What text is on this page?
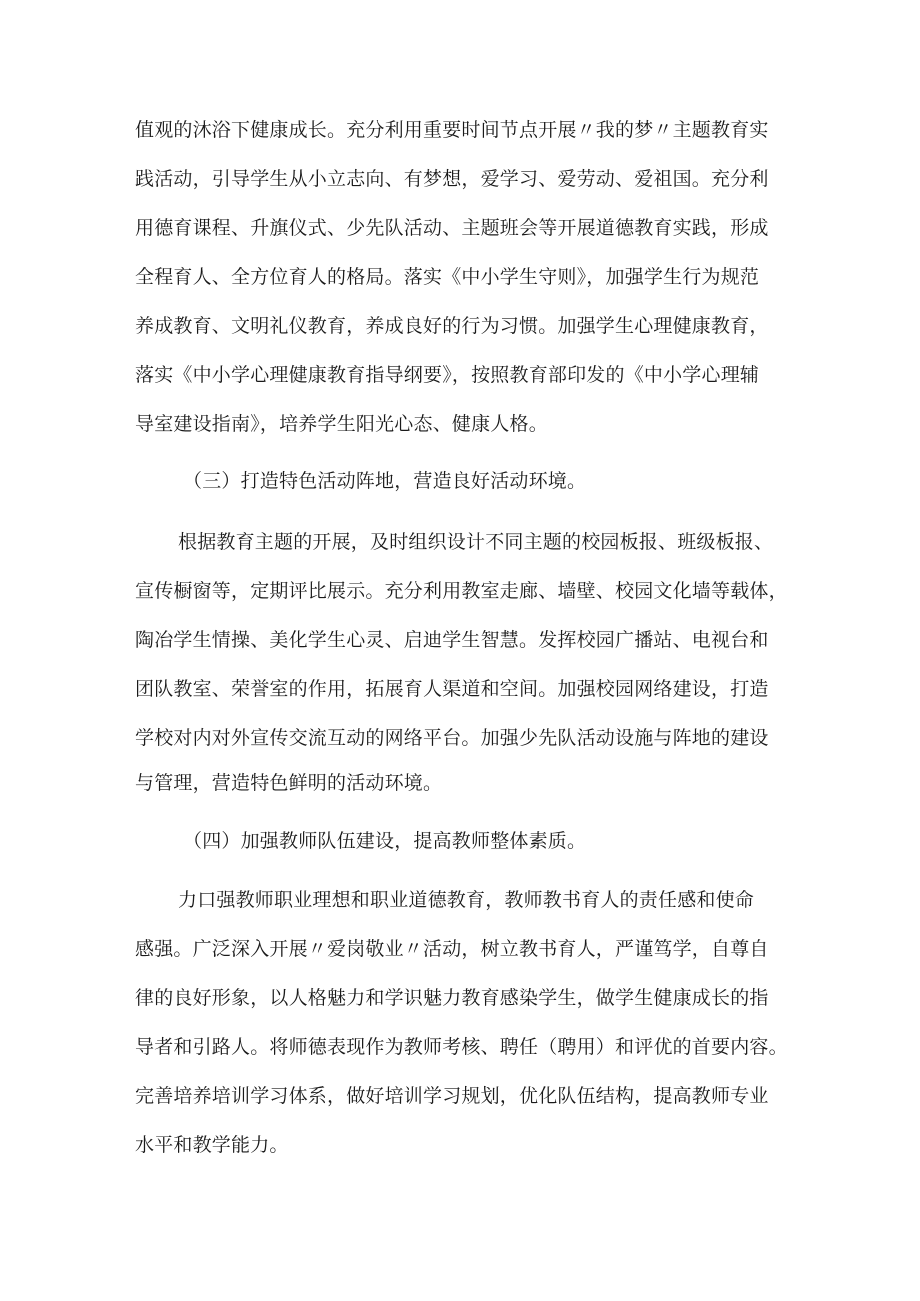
值观的沐浴下健康成长。充分利用重要时间节点开展〃我的梦〃主题教育实
践活动，引导学生从小立志向、有梦想，爱学习、爱劳动、爱祖国。充分利
用德育课程、升旗仪式、少先队活动、主题班会等开展道德教育实践，形成
全程育人、全方位育人的格局。落实《中小学生守则》，加强学生行为规范
养成教育、文明礼仪教育，养成良好的行为习惯。加强学生心理健康教育，
落实《中小学心理健康教育指导纲要》，按照教育部印发的《中小学心理辅
导室建设指南》，培养学生阳光心态、健康人格。
（三）打造特色活动阵地，营造良好活动环境。
根据教育主题的开展，及时组织设计不同主题的校园板报、班级板报、
宣传橱窗等，定期评比展示。充分利用教室走廊、墙壁、校园文化墙等载体，
陶冶学生情操、美化学生心灵、启迪学生智慧。发挥校园广播站、电视台和
团队教室、荣誉室的作用，拓展育人渠道和空间。加强校园网络建设，打造
学校对内对外宣传交流互动的网络平台。加强少先队活动设施与阵地的建设
与管理，营造特色鲜明的活动环境。
（四）加强教师队伍建设，提高教师整体素质。
力口强教师职业理想和职业道德教育，教师教书育人的责任感和使命
感强。广泛深入开展〃爱岗敬业〃活动，树立教书育人，严谨笃学，自尊自
律的良好形象，以人格魅力和学识魅力教育感染学生，做学生健康成长的指
导者和引路人。将师德表现作为教师考核、聘任（聘用）和评优的首要内容。
完善培养培训学习体系，做好培训学习规划，优化队伍结构，提高教师专业
水平和教学能力。
